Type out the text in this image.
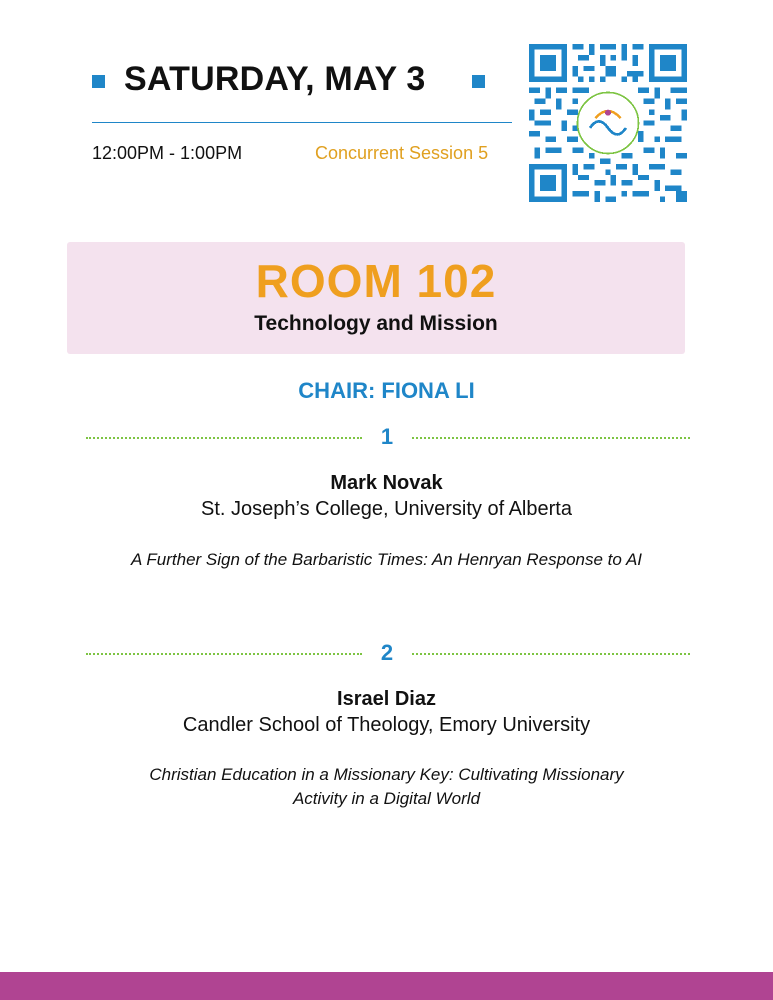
SATURDAY, MAY 3
12:00PM - 1:00PM	Concurrent Session 5
ROOM 102
Technology and Mission
CHAIR: FIONA LI
1
Mark Novak
St. Joseph’s College, University of Alberta
A Further Sign of the Barbaristic Times: An Henryan Response to AI
2
Israel Diaz
Candler School of Theology, Emory University
Christian Education in a Missionary Key: Cultivating Missionary
Activity in a Digital World
